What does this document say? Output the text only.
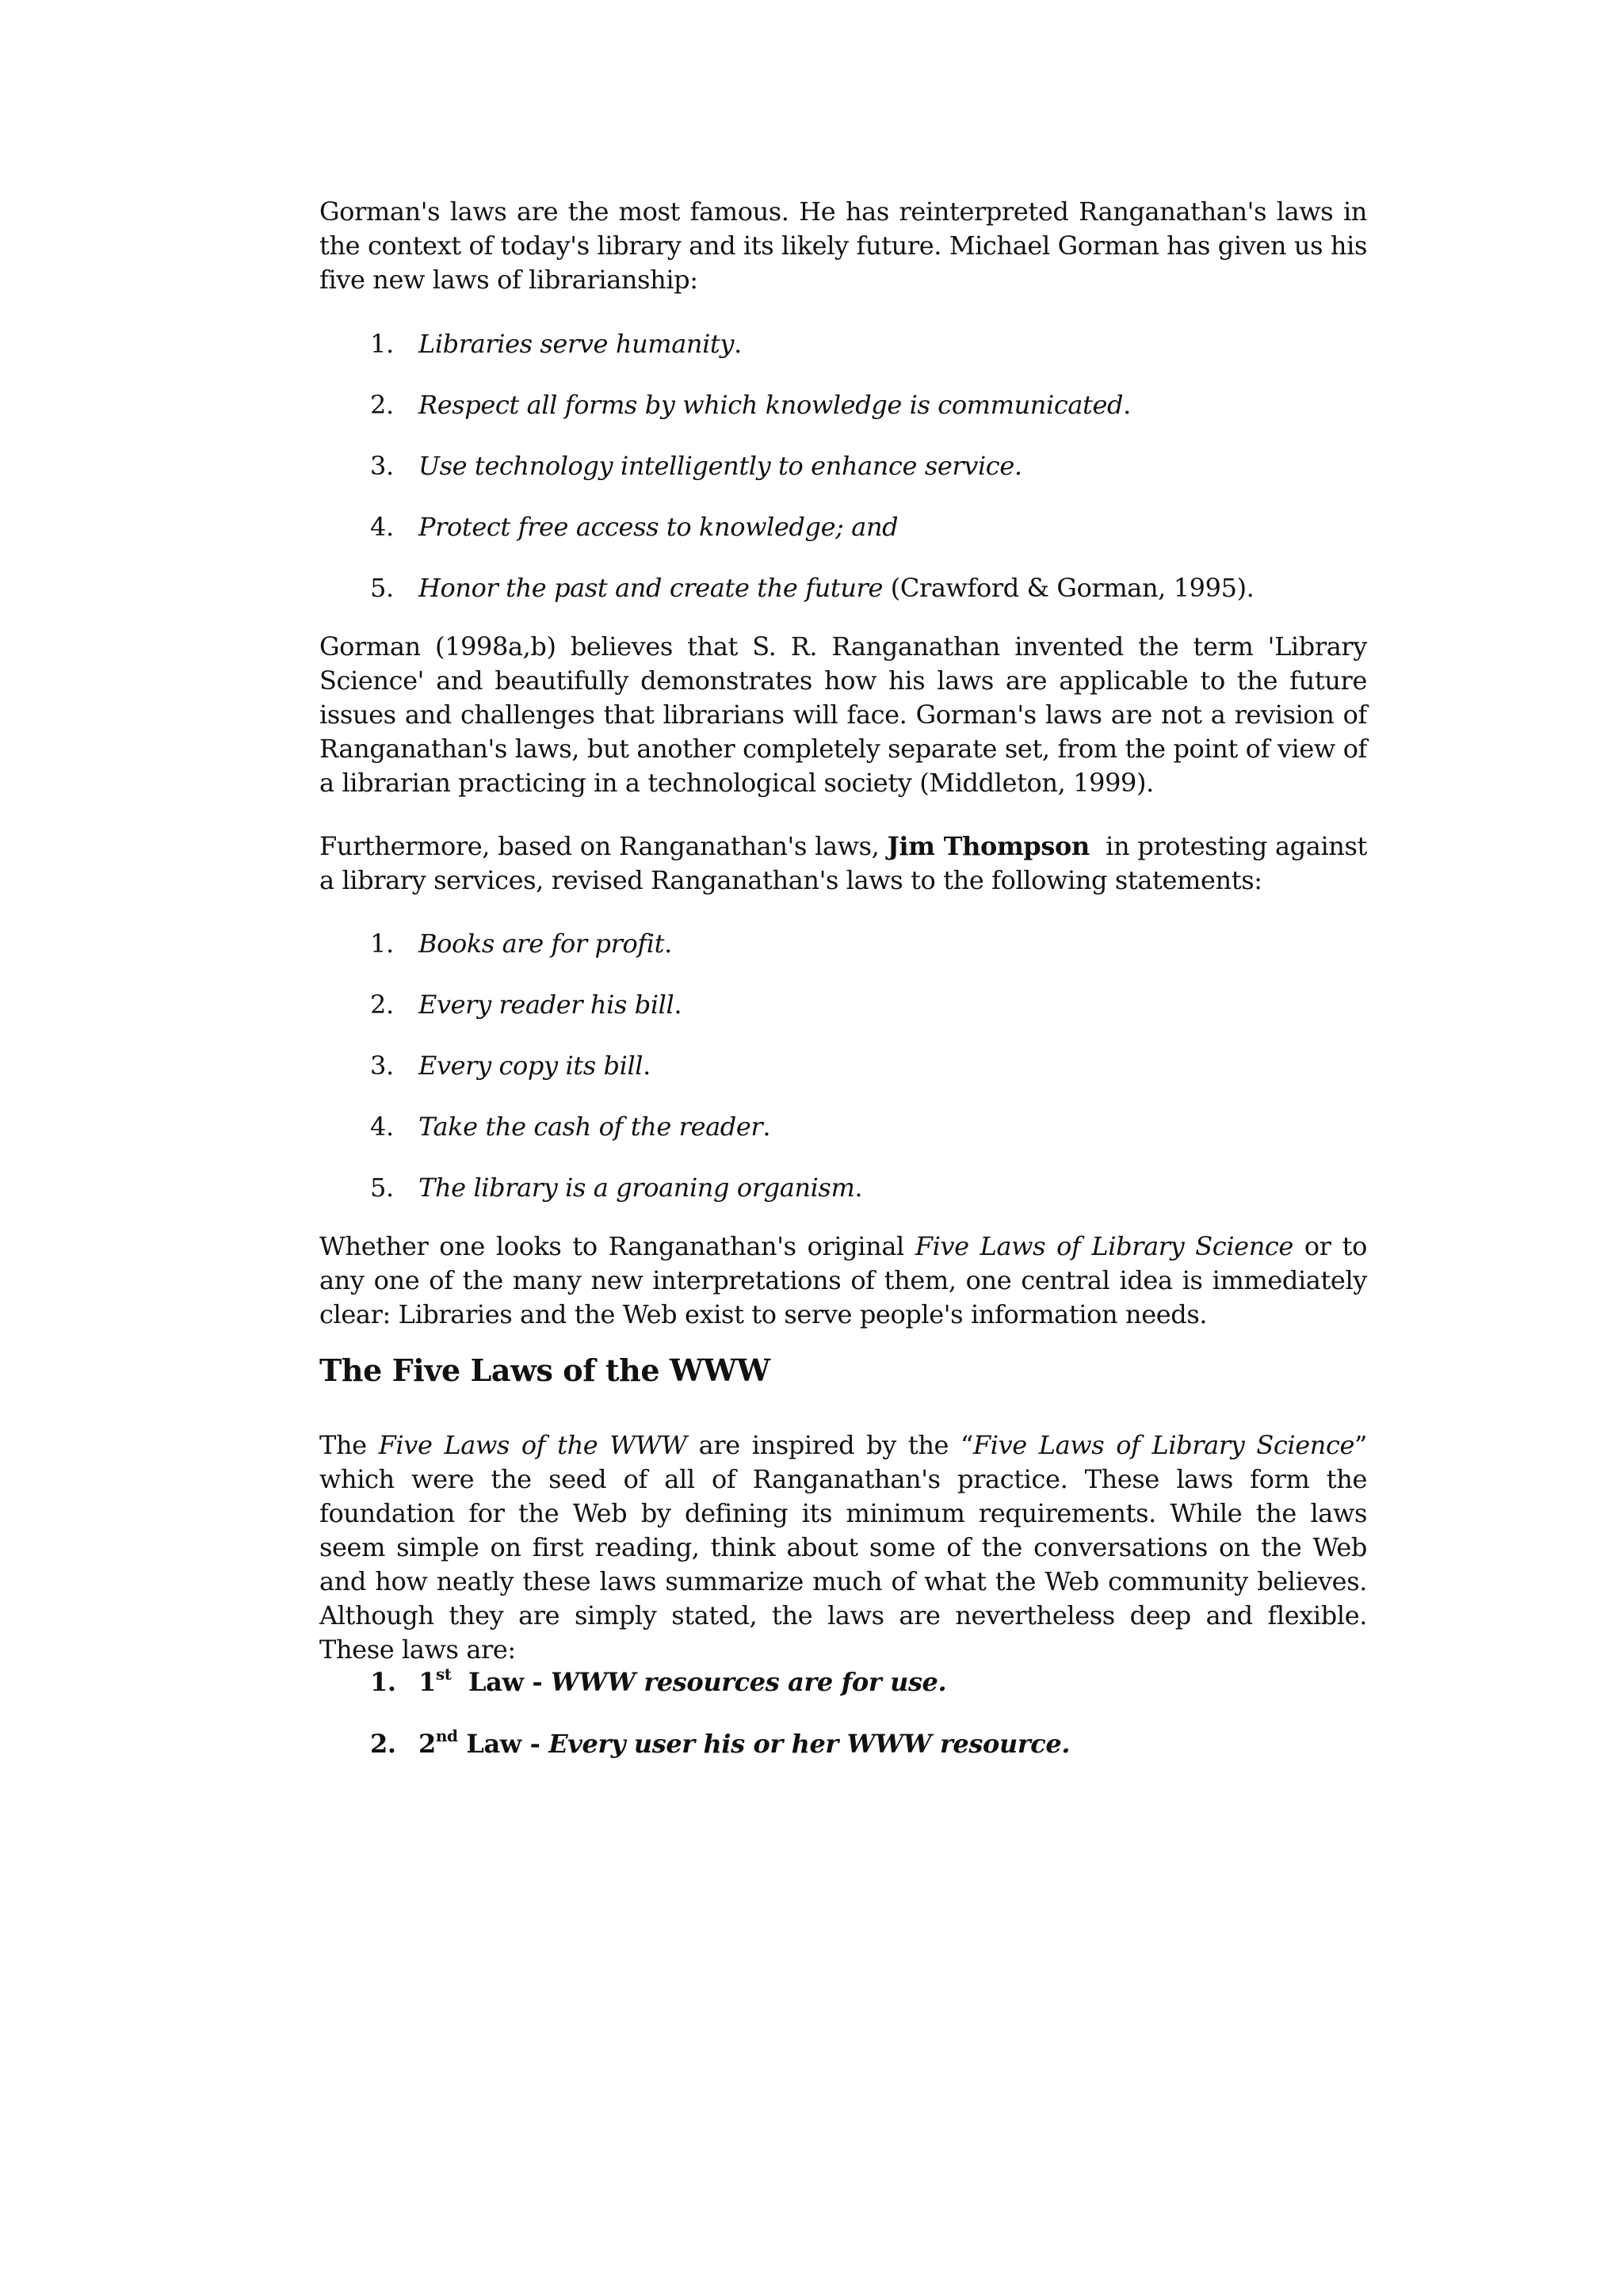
Gorman's laws are the most famous. He has reinterpreted Ranganathan's laws in the context of today's library and its likely future. Michael Gorman has given us his five new laws of librarianship:

1. Libraries serve humanity.
2. Respect all forms by which knowledge is communicated.
3. Use technology intelligently to enhance service.
4. Protect free access to knowledge; and
5. Honor the past and create the future (Crawford & Gorman, 1995).

Gorman (1998a,b) believes that S. R. Ranganathan invented the term 'Library Science' and beautifully demonstrates how his laws are applicable to the future issues and challenges that librarians will face. Gorman's laws are not a revision of Ranganathan's laws, but another completely separate set, from the point of view of a librarian practicing in a technological society (Middleton, 1999).

Furthermore, based on Ranganathan's laws, Jim Thompson  in protesting against a library services, revised Ranganathan's laws to the following statements:

1. Books are for profit.
2. Every reader his bill.
3. Every copy its bill.
4. Take the cash of the reader.
5. The library is a groaning organism.

Whether one looks to Ranganathan's original Five Laws of Library Science or to any one of the many new interpretations of them, one central idea is immediately clear: Libraries and the Web exist to serve people's information needs.

The Five Laws of the WWW

The Five Laws of the WWW are inspired by the “Five Laws of Library Science” which were the seed of all of Ranganathan's practice. These laws form the foundation for the Web by defining its minimum requirements. While the laws seem simple on first reading, think about some of the conversations on the Web and how neatly these laws summarize much of what the Web community believes. Although they are simply stated, the laws are nevertheless deep and flexible. These laws are:

1. 1st  Law - WWW resources are for use.
2. 2nd Law - Every user his or her WWW resource.
